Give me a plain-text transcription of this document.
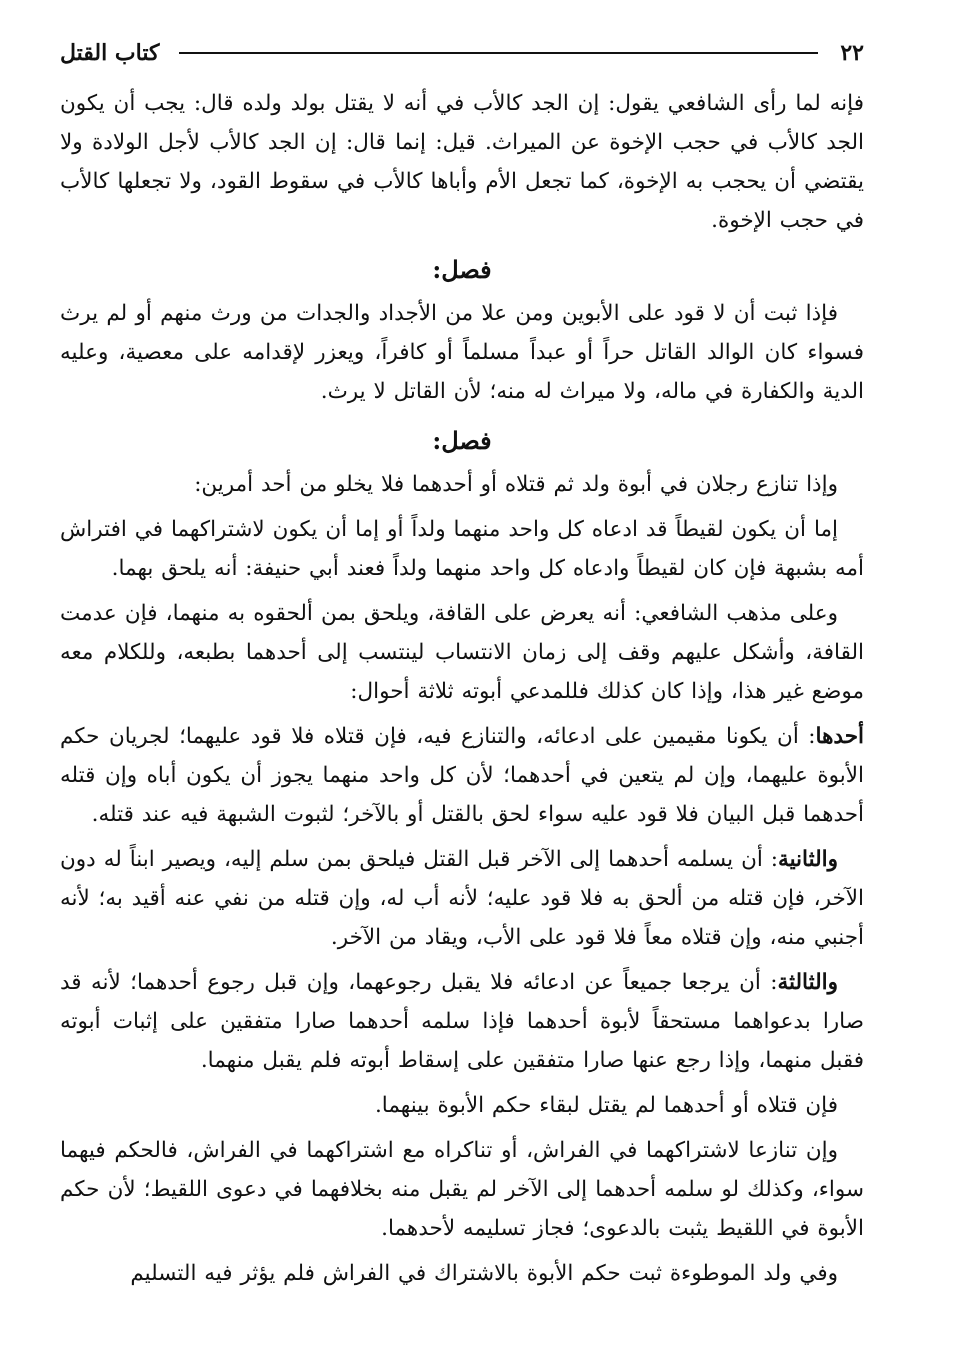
٢٢
كتاب القتل

فإنه لما رأى الشافعي يقول: إن الجد كالأب في أنه لا يقتل بولد ولده قال: يجب أن يكون الجد كالأب في حجب الإخوة عن الميراث. قيل: إنما قال: إن الجد كالأب لأجل الولادة ولا يقتضي أن يحجب به الإخوة، كما تجعل الأم وأباها كالأب في سقوط القود، ولا تجعلها كالأب في حجب الإخوة.

فصل:

فإذا ثبت أن لا قود على الأبوين ومن علا من الأجداد والجدات من ورث منهم أو لم يرث فسواء كان الوالد القاتل حراً أو عبداً مسلماً أو كافراً، ويعزر لإقدامه على معصية، وعليه الدية والكفارة في ماله، ولا ميراث له منه؛ لأن القاتل لا يرث.

فصل:

وإذا تنازع رجلان في أبوة ولد ثم قتلاه أو أحدهما فلا يخلو من أحد أمرين:

إما أن يكون لقيطاً قد ادعاه كل واحد منهما ولداً أو إما أن يكون لاشتراكهما في افتراش أمه بشبهة فإن كان لقيطاً وادعاه كل واحد منهما ولداً فعند أبي حنيفة: أنه يلحق بهما.

وعلى مذهب الشافعي: أنه يعرض على القافة، ويلحق بمن ألحقوه به منهما، فإن عدمت القافة، وأشكل عليهم وقف إلى زمان الانتساب لينتسب إلى أحدهما بطبعه، وللكلام معه موضع غير هذا، وإذا كان كذلك فللمدعي أبوته ثلاثة أحوال:

أحدها: أن يكونا مقيمين على ادعائه، والتنازع فيه، فإن قتلاه فلا قود عليهما؛ لجريان حكم الأبوة عليهما، وإن لم يتعين في أحدهما؛ لأن كل واحد منهما يجوز أن يكون أباه وإن قتله أحدهما قبل البيان فلا قود عليه سواء لحق بالقتل أو بالآخر؛ لثبوت الشبهة فيه عند قتله.

والثانية: أن يسلمه أحدهما إلى الآخر قبل القتل فيلحق بمن سلم إليه، ويصير ابناً له دون الآخر، فإن قتله من ألحق به فلا قود عليه؛ لأنه أب له، وإن قتله من نفي عنه أقيد به؛ لأنه أجنبي منه، وإن قتلاه معاً فلا قود على الأب، ويقاد من الآخر.

والثالثة: أن يرجعا جميعاً عن ادعائه فلا يقبل رجوعهما، وإن قبل رجوع أحدهما؛ لأنه قد صارا بدعواهما مستحقاً لأبوة أحدهما فإذا سلمه أحدهما صارا متفقين على إثبات أبوته فقبل منهما، وإذا رجع عنها صارا متفقين على إسقاط أبوته فلم يقبل منهما.

فإن قتلاه أو أحدهما لم يقتل لبقاء حكم الأبوة بينهما.

وإن تنازعا لاشتراكهما في الفراش، أو تناكراه مع اشتراكهما في الفراش، فالحكم فيهما سواء، وكذلك لو سلمه أحدهما إلى الآخر لم يقبل منه بخلافهما في دعوى اللقيط؛ لأن حكم الأبوة في اللقيط يثبت بالدعوى؛ فجاز تسليمه لأحدهما.

وفي ولد الموطوءة ثبت حكم الأبوة بالاشتراك في الفراش فلم يؤثر فيه التسليم
